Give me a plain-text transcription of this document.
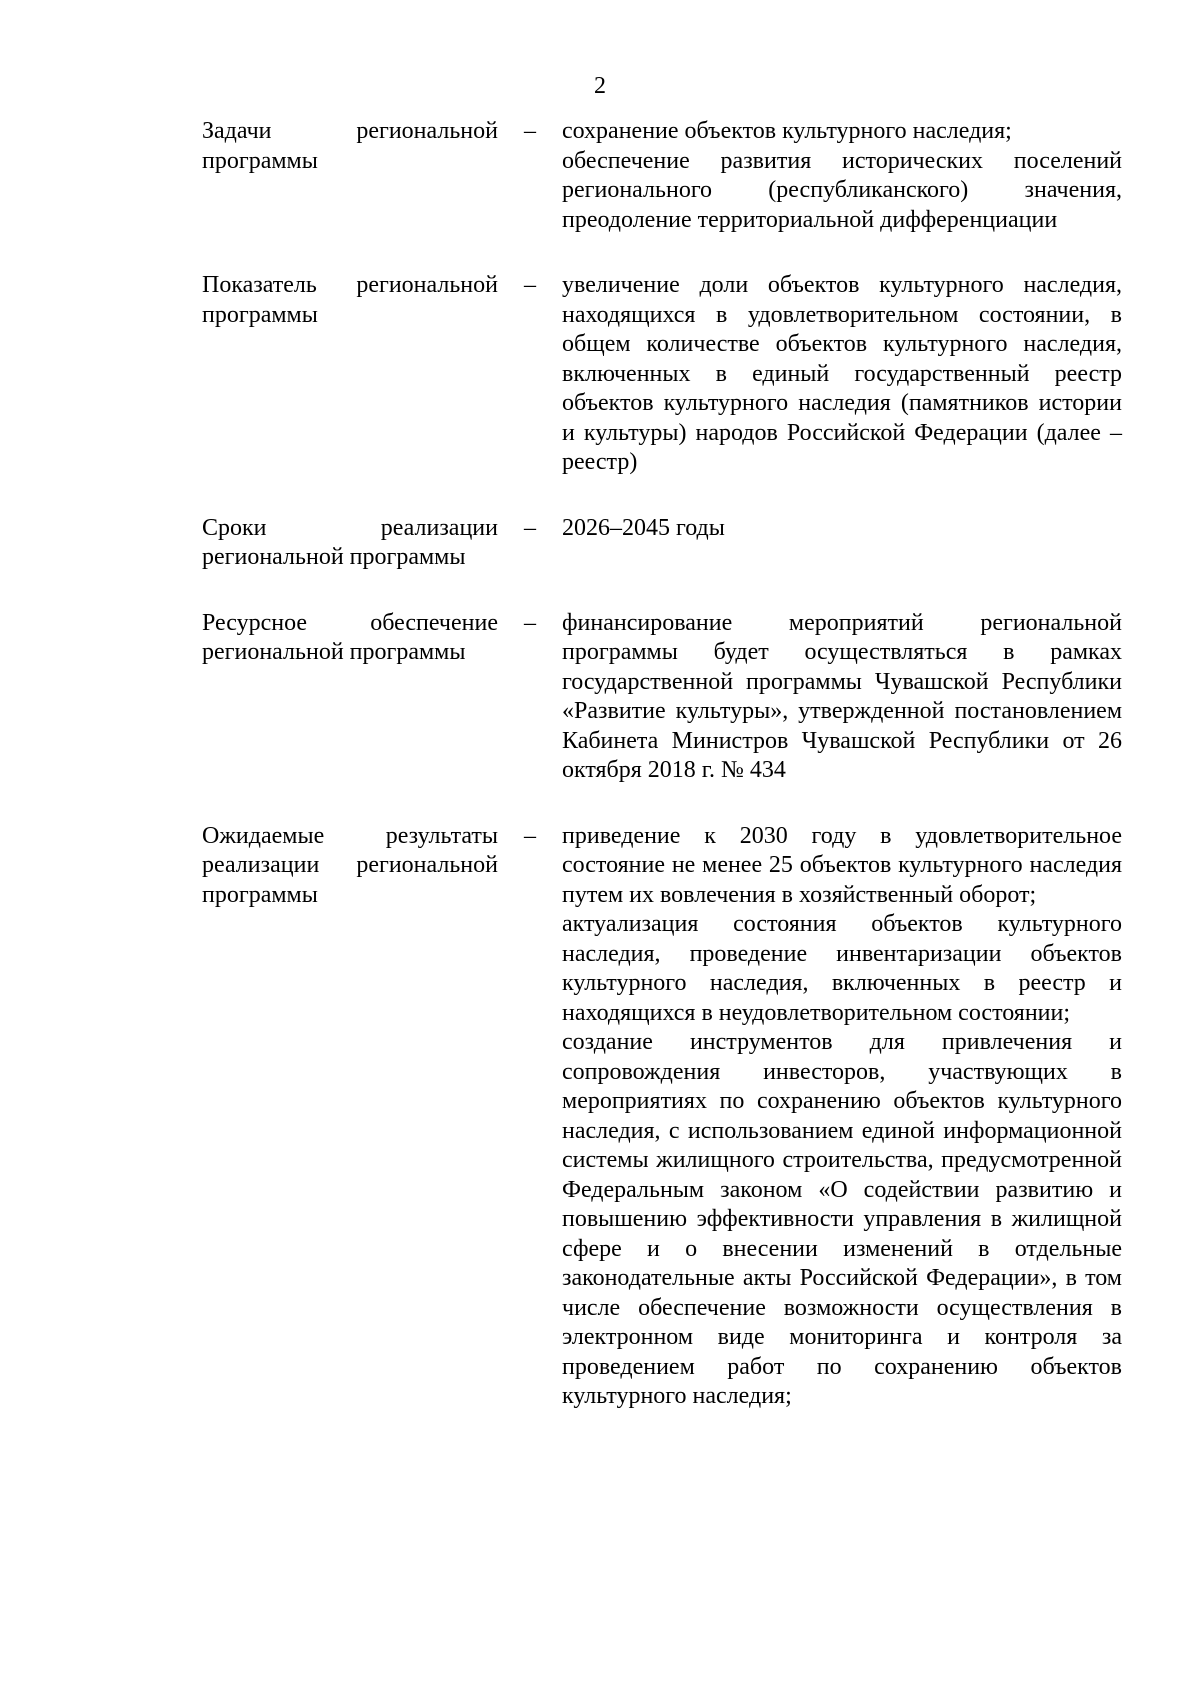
2
Задачи региональной программы	–	сохранение объектов культурного наследия;

обеспечение развития исторических поселений регионального (республиканского) значения, преодоление территориальной дифференциации

Показатель региональной программы	–	увеличение доли объектов культурного наследия, находящихся в удовлетворительном состоянии, в общем количестве объектов культурного наследия, включенных в единый государственный реестр объектов культурного наследия (памятников истории и культуры) народов Российской Федерации (далее – реестр)

Сроки реализации региональной программы	–	2026–2045 годы

Ресурсное обеспечение региональной программы	–	финансирование мероприятий региональной программы будет осуществляться в рамках государственной программы Чувашской Республики «Развитие культуры», утвержденной постановлением Кабинета Министров Чувашской Республики от 26 октября 2018 г. № 434

Ожидаемые результаты реализации региональной программы	–	приведение к 2030 году в удовлетворительное состояние не менее 25 объектов культурного наследия путем их вовлечения в хозяйственный оборот;

актуализация состояния объектов культурного наследия, проведение инвентаризации объектов культурного наследия, включенных в реестр и находящихся в неудовлетворительном состоянии;

создание инструментов для привлечения и сопровождения инвесторов, участвующих в мероприятиях по сохранению объектов культурного наследия, с использованием единой информационной системы жилищного строительства, предусмотренной Федеральным законом «О содействии развитию и повышению эффективности управления в жилищной сфере и о внесении изменений в отдельные законодательные акты Российской Федерации», в том числе обеспечение возможности осуществления в электронном виде мониторинга и контроля за проведением работ по сохранению объектов культурного наследия;
